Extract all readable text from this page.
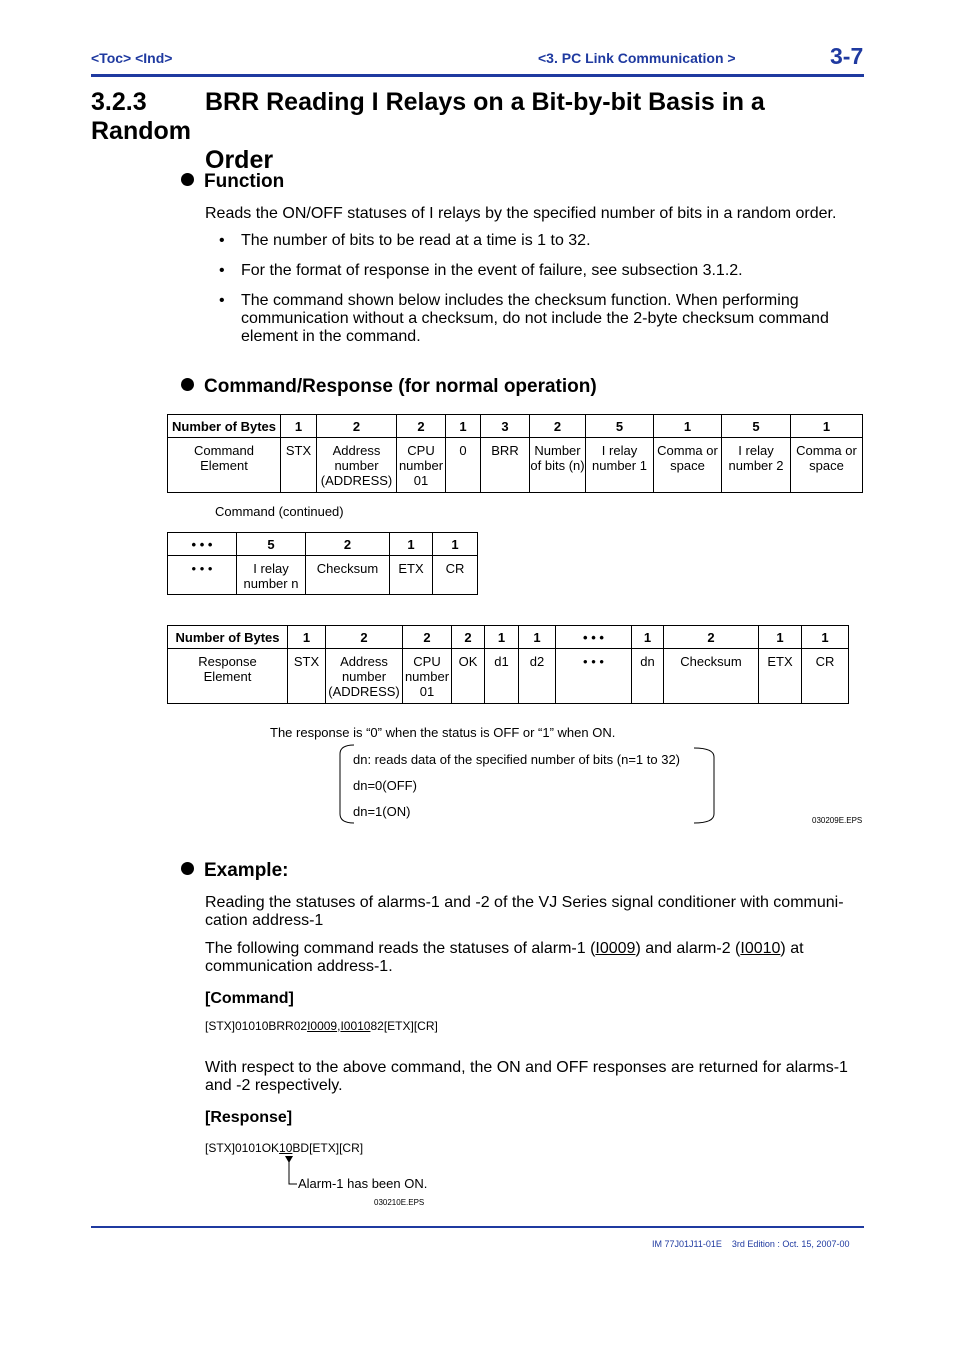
<Toc> <Ind>	<3. PC Link Communication >	3-7
3.2.3 BRR Reading I Relays on a Bit-by-bit Basis in a Random
Order
Function
Reads the ON/OFF statuses of I relays by the specified number of bits in a random order.
• The number of bits to be read at a time is 1 to 32.
• For the format of response in the event of failure, see subsection 3.1.2.
• The command shown below includes the checksum function. When performing communication without a checksum, do not include the 2-byte checksum command element in the command.
Command/Response (for normal operation)
Number of Bytes	1	2	2	1	3	2	5	1	5	1
Command Element	STX	Address number (ADDRESS)	CPU number 01	0	BRR	Number of bits (n)	I relay number 1	Comma or space	I relay number 2	Comma or space
Command (continued)
• • •	5	2	1	1
• • •	I relay number n	Checksum	ETX	CR
Number of Bytes	1	2	2	2	1	1	• • •	1	2	1	1
Response Element	STX	Address number (ADDRESS)	CPU number 01	OK	d1	d2	• • •	dn	Checksum	ETX	CR
The response is “0” when the status is OFF or “1” when ON.
dn: reads data of the specified number of bits (n=1 to 32)
dn=0(OFF)
dn=1(ON)
030209E.EPS
Example:
Reading the statuses of alarms-1 and -2 of the VJ Series signal conditioner with communi- cation address-1
The following command reads the statuses of alarm-1 (I0009) and alarm-2 (I0010) at
communication address-1.
[Command]
[STX]01010BRR02I0009,I001082[ETX][CR]
With respect to the above command, the ON and OFF responses are returned for alarms-1 and -2 respectively.
[Response]
[STX]0101OK10BD[ETX][CR]
Alarm-1 has been ON.
030210E.EPS
IM 77J01J11-01E 3rd Edition : Oct. 15, 2007-00
